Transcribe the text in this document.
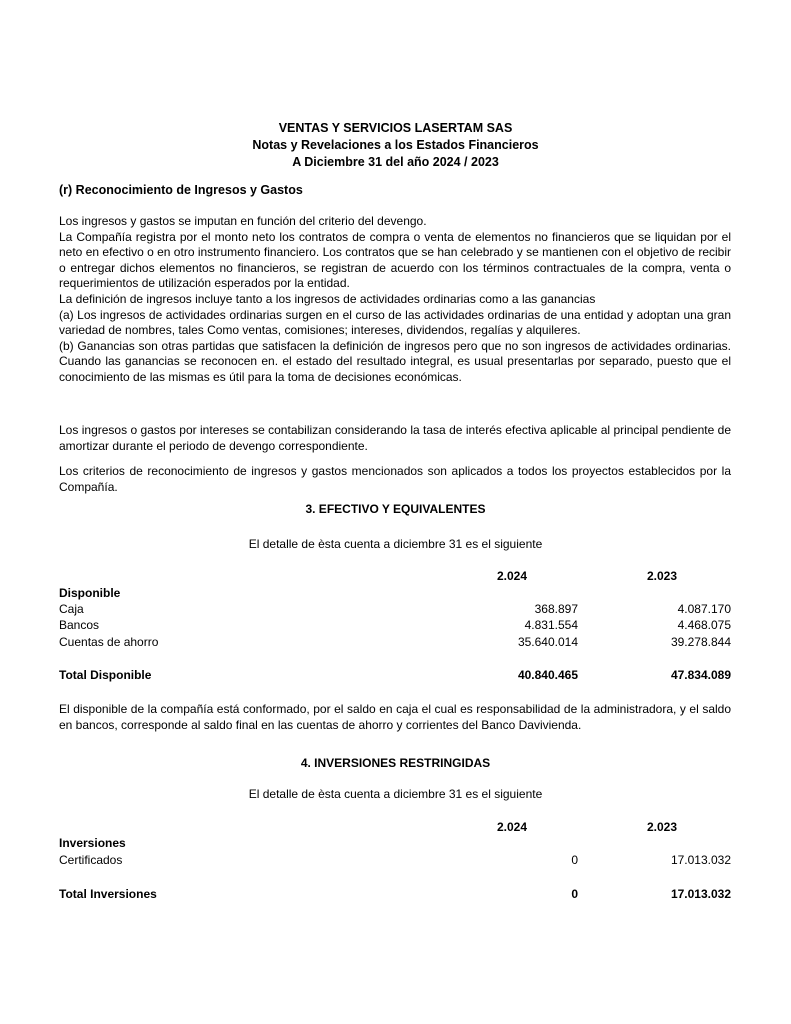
VENTAS Y SERVICIOS LASERTAM SAS
Notas y Revelaciones a los Estados Financieros
A Diciembre 31 del año 2024 / 2023
(r) Reconocimiento de Ingresos y Gastos

Los ingresos y gastos se imputan en función del criterio del devengo.

La Compañía registra por el monto neto los contratos de compra o venta de elementos no financieros que se liquidan por el neto en efectivo o en otro instrumento financiero. Los contratos que se han celebrado y se mantienen con el objetivo de recibir o entregar dichos elementos no financieros, se registran de acuerdo con los términos contractuales de la compra, venta o requerimientos de utilización esperados por la entidad.

La definición de ingresos incluye tanto a los ingresos de actividades ordinarias como a las ganancias

(a) Los ingresos de actividades ordinarias surgen en el curso de las actividades ordinarias de una entidad y adoptan una gran variedad de nombres, tales Como ventas, comisiones; intereses, dividendos, regalías y alquileres.

(b) Ganancias son otras partidas que satisfacen la definición de ingresos pero que no son ingresos de actividades ordinarias. Cuando las ganancias se reconocen en. el estado del resultado integral, es usual presentarlas por separado, puesto que el conocimiento de las mismas es útil para la toma de decisiones económicas.

Los ingresos o gastos por intereses se contabilizan considerando la tasa de interés efectiva aplicable al principal pendiente de amortizar durante el periodo de devengo correspondiente.

Los criterios de reconocimiento de ingresos y gastos mencionados son aplicados a todos los proyectos establecidos por la Compañía.

3. EFECTIVO Y EQUIVALENTES
El detalle de èsta cuenta a diciembre 31 es el siguiente
2.024	2.023
Disponible
Caja	368.897	4.087.170
Bancos	4.831.554	4.468.075
Cuentas de ahorro	35.640.014	39.278.844
Total Disponible	40.840.465	47.834.089

El disponible de la compañía está conformado, por el saldo en caja el cual es responsabilidad de la administradora, y el saldo en bancos, corresponde al saldo final en las cuentas de ahorro y corrientes del Banco Davivienda.

4. INVERSIONES RESTRINGIDAS
El detalle de èsta cuenta a diciembre 31 es el siguiente
2.024	2.023
Inversiones
Certificados	0	17.013.032
Total Inversiones	0	17.013.032
